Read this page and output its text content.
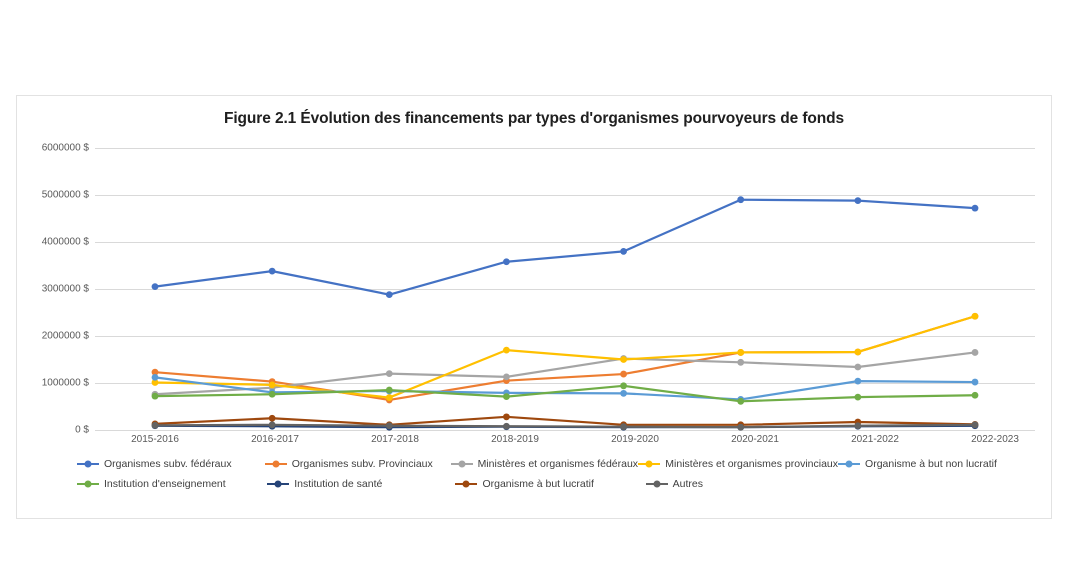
Figure 2.1 Évolution des financements par types d'organismes pourvoyeurs de fonds
6000000 $
5000000 $
4000000 $
3000000 $
2000000 $
1000000 $
0 $
2015-2016	2016-2017	2017-2018	2018-2019	2019-2020	2020-2021	2021-2022	2022-2023
Organismes subv. fédéraux	Organismes subv. Provinciaux	Ministères et organismes fédéraux	Ministères et organismes provinciaux	Organisme à but non lucratif
Institution d'enseignement	Institution de santé	Organisme à but lucratif	Autres
